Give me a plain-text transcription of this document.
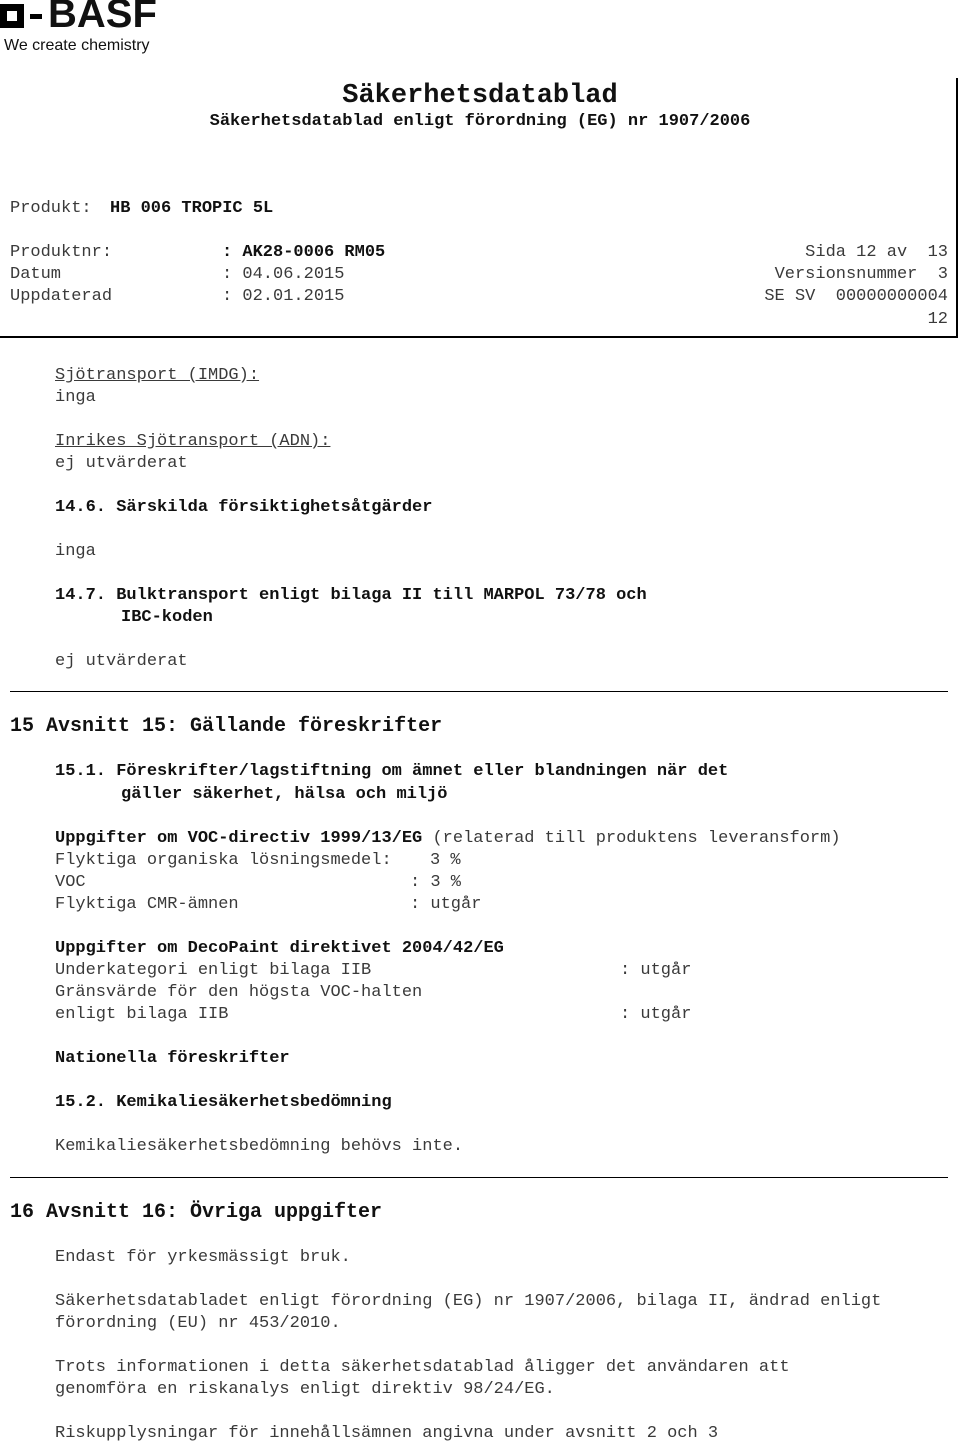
BASF
We create chemistry
Säkerhetsdatablad
Säkerhetsdatablad enligt förordning (EG) nr 1907/2006
Produkt: HB 006 TROPIC 5L
Produktnr:	: AK28-0006 RM05	Sida 12 av  13
Datum	: 04.06.2015	Versionsnummer  3
Uppdaterad	: 02.01.2015	SE SV  00000000004
12
Sjötransport (IMDG):
inga
Inrikes Sjötransport (ADN):
ej utvärderat
14.6. Särskilda försiktighetsåtgärder
inga
14.7. Bulktransport enligt bilaga II till MARPOL 73/78 och
IBC-koden
ej utvärderat
15 Avsnitt 15: Gällande föreskrifter
15.1. Föreskrifter/lagstiftning om ämnet eller blandningen när det
gäller säkerhet, hälsa och miljö
Uppgifter om VOC-directiv 1999/13/EG (relaterad till produktens leveransform)
Flyktiga organiska lösningsmedel: 3 %
VOC	: 3 %
Flyktiga CMR-ämnen	: utgår
Uppgifter om DecoPaint direktivet 2004/42/EG
Underkategori enligt bilaga IIB	: utgår
Gränsvärde för den högsta VOC-halten
enligt bilaga IIB	: utgår
Nationella föreskrifter
15.2. Kemikaliesäkerhetsbedömning
Kemikaliesäkerhetsbedömning behövs inte.
16 Avsnitt 16: Övriga uppgifter
Endast för yrkesmässigt bruk.
Säkerhetsdatabladet enligt förordning (EG) nr 1907/2006, bilaga II, ändrad enligt
förordning (EU) nr 453/2010.
Trots informationen i detta säkerhetsdatablad åligger det användaren att
genomföra en riskanalys enligt direktiv 98/24/EG.
Riskupplysningar för innehållsämnen angivna under avsnitt 2 och 3
